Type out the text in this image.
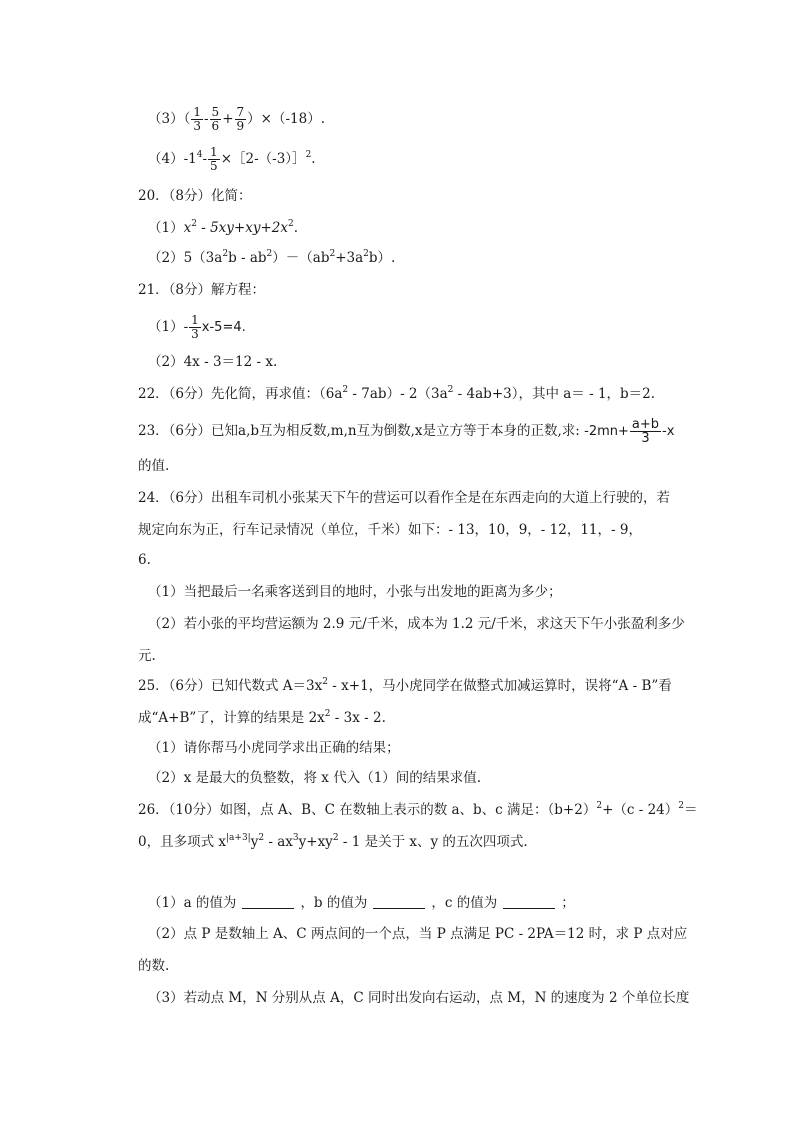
$(3)( \frac{1}{3} - \frac{5}{6} + \frac{7}{9} )\times(-18)$.
$(4)-1^4- \frac{1}{5}$ ×［2-（-3）］$^2$.
20．（8分）化简：
$(1)x^2 - 5xy+xy+2x^2$.
$(2)5(3a^2b - ab^2)-(ab^2+3a^2b)$.
21．（8分）解方程：
$(1)- \frac{1}{3} x-5=4$.
（2）4x - 3＝12 - x.
22．（6分）先化简，再求值：$(6a^2 - 7ab)-$ $2(3a^2 - 4ab+3)$，其中 a＝ - 1，b＝2.
23．（6分）已知a,b互为相反数,m,n互为倒数,x是立方等于本身的正数,求: $-2mn+ \frac{a+b}{3} -x$
的值.
24．（6分）出租车司机小张某天下午的营运可以看作全是在东西走向的大道上行驶的，若
规定向东为正，行车记录情况（单位，千米）如下：- 13，10，9，- 12，11，- 9，
6.
（1）当把最后一名乘客送到目的地时，小张与出发地的距离为多少；
（2）若小张的平均营运额为 2.9 元/千米，成本为 1.2 元/千米，求这天下午小张盈利多少
元.
25．（6分）已知代数式 $A=3x^2 - x+1$，马小虎同学在做整式加减运算时，误将“A - B”看
成“A+B”了，计算的结果是 $2x^2 - 3x - 2$.
（1）请你帮马小虎同学求出正确的结果；
（2）x 是最大的负整数，将 x 代入（1）间的结果求值.
26．（10分）如图，点 A、B、C 在数轴上表示的数 a、b、c 满足：$(b+2)^2+(c - 24)^2=$
0，且多项式 $x^{|a+3|}y^2 - ax^3y+xy^2 - 1$ 是关于 x、y 的五次四项式.
（1）a 的值为	，b 的值为	，c 的值为	；
（2）点 P 是数轴上 A、C 两点间的一个点，当 P 点满足 PC - 2PA＝12 时，求 P 点对应
的数.
（3）若动点 M，N 分别从点 A，C 同时出发向右运动，点 M，N 的速度为 2 个单位长度
